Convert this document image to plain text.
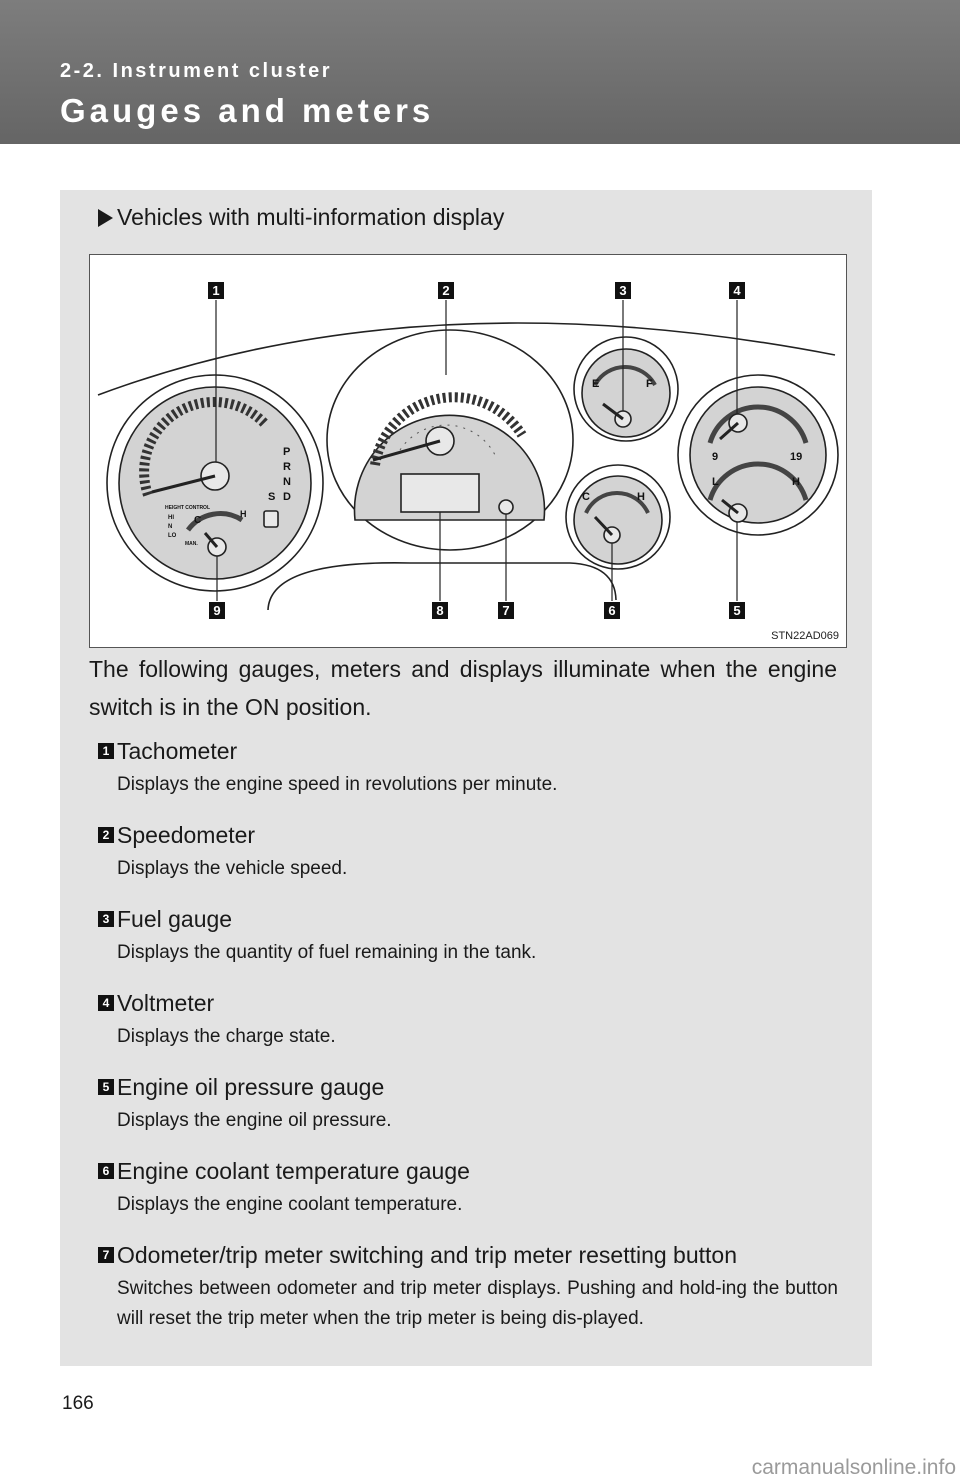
2-2. Instrument cluster
Gauges and meters
Vehicles with multi-information display
P
R
N
D
S
HEIGHT CONTROL
HI
N
LO
MAN.
C
H
E	F
C	H
9	19
L	H
1	2	3	4
5
6
7
8
9
STN22AD069

The following gauges, meters and displays illuminate when the engine switch is in the ON position.

1 Tachometer
Displays the engine speed in revolutions per minute.
2 Speedometer
Displays the vehicle speed.
3 Fuel gauge
Displays the quantity of fuel remaining in the tank.
4 Voltmeter
Displays the charge state.
5 Engine oil pressure gauge
Displays the engine oil pressure.
6 Engine coolant temperature gauge
Displays the engine coolant temperature.
7 Odometer/trip meter switching and trip meter resetting button
Switches between odometer and trip meter displays. Pushing and hold-ing the button will reset the trip meter when the trip meter is being dis-played.
166
carmanualsonline.info
